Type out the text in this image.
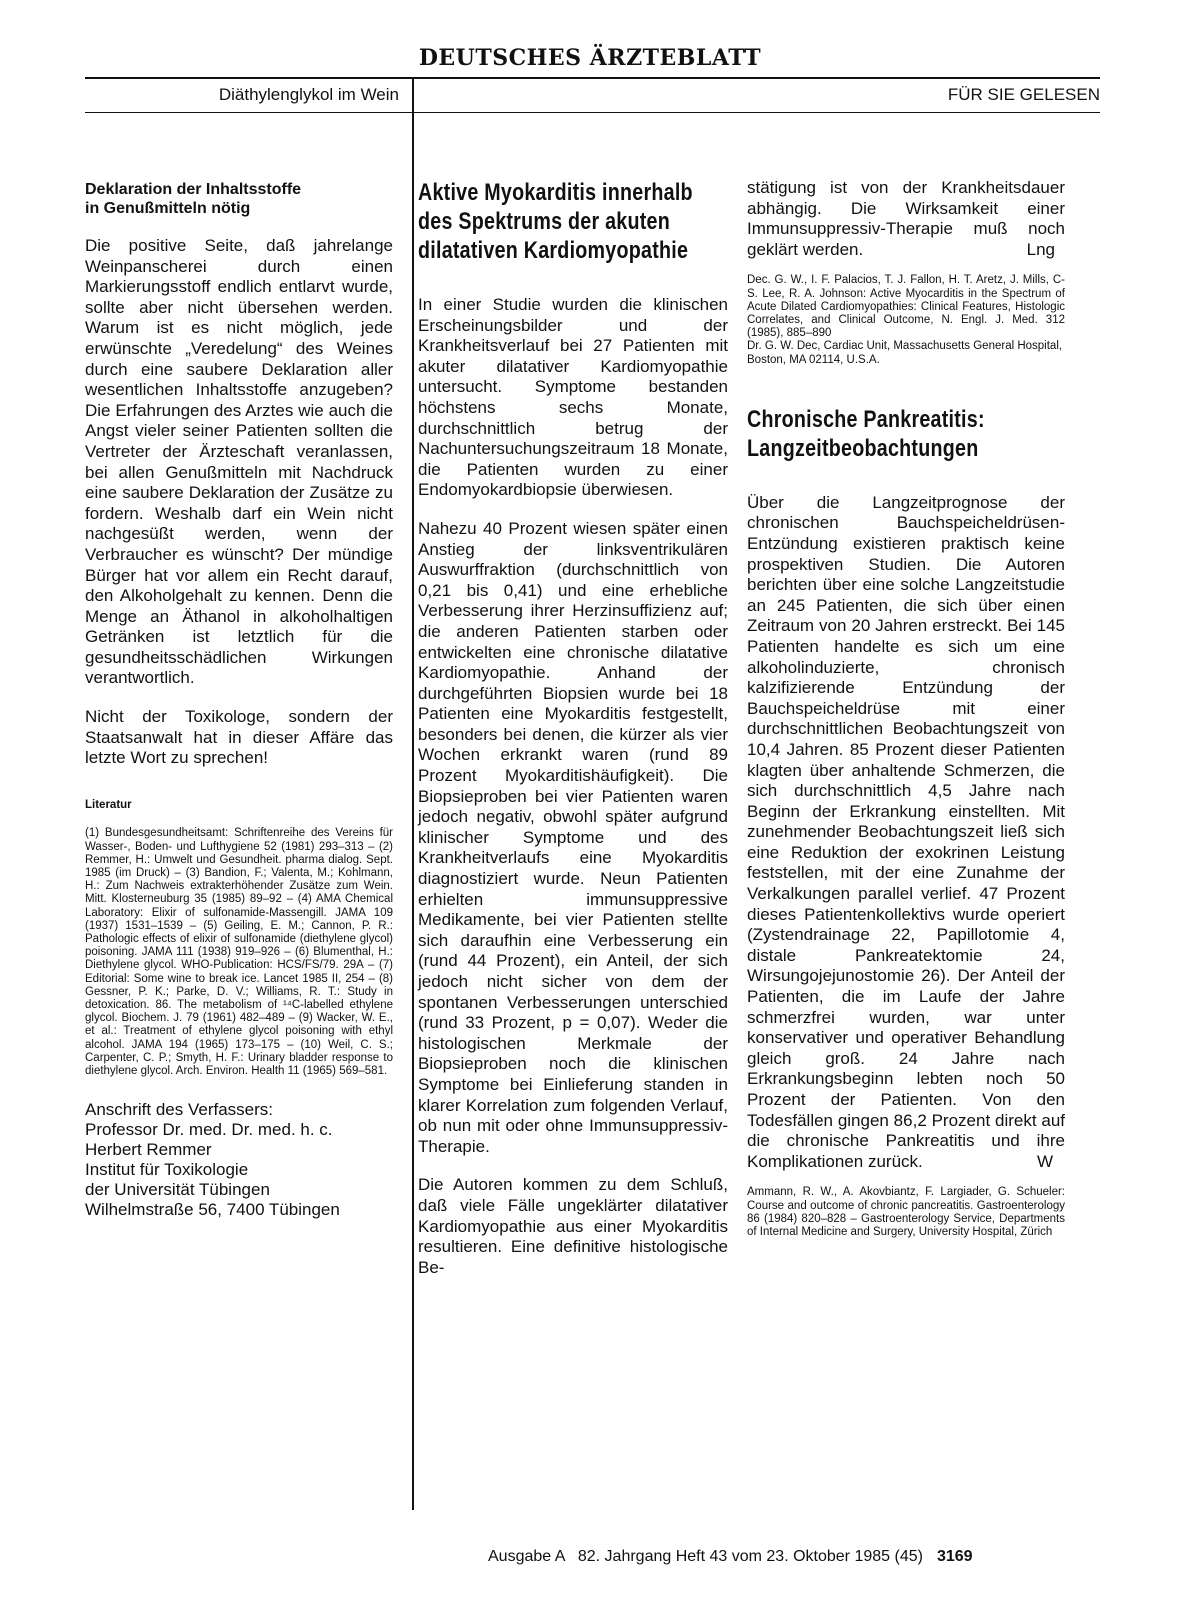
DEUTSCHES ÄRZTEBLATT
Diäthylenglykol im Wein	FÜR SIE GELESEN

Deklaration der Inhaltsstoffe
in Genußmitteln nötig

Die positive Seite, daß jahrelange Weinpanscherei durch einen Markierungsstoff endlich entlarvt wurde, sollte aber nicht übersehen werden. Warum ist es nicht möglich, jede erwünschte „Veredelung“ des Weines durch eine saubere Deklaration aller wesentlichen Inhaltsstoffe anzugeben? Die Erfahrungen des Arztes wie auch die Angst vieler seiner Patienten sollten die Vertreter der Ärzteschaft veranlassen, bei allen Genußmitteln mit Nachdruck eine saubere Deklaration der Zusätze zu fordern. Weshalb darf ein Wein nicht nachgesüßt werden, wenn der Verbraucher es wünscht? Der mündige Bürger hat vor allem ein Recht darauf, den Alkoholgehalt zu kennen. Denn die Menge an Äthanol in alkoholhaltigen Getränken ist letztlich für die gesundheitsschädlichen Wirkungen verantwortlich.

Nicht der Toxikologe, sondern der Staatsanwalt hat in dieser Affäre das letzte Wort zu sprechen!

Literatur

(1) Bundesgesundheitsamt: Schriftenreihe des Vereins für Wasser-, Boden- und Lufthygiene 52 (1981) 293–313 – (2) Remmer, H.: Umwelt und Gesundheit. pharma dialog. Sept. 1985 (im Druck) – (3) Bandion, F.; Valenta, M.; Kohlmann, H.: Zum Nachweis extrakterhöhender Zusätze zum Wein. Mitt. Klosterneuburg 35 (1985) 89–92 – (4) AMA Chemical Laboratory: Elixir of sulfonamide-Massengill. JAMA 109 (1937) 1531–1539 – (5) Geiling, E. M.; Cannon, P. R.: Pathologic effects of elixir of sulfonamide (diethylene glycol) poisoning. JAMA 111 (1938) 919–926 – (6) Blumenthal, H.: Diethylene glycol. WHO-Publication: HCS/FS/79. 29A – (7) Editorial: Some wine to break ice. Lancet 1985 II, 254 – (8) Gessner, P. K.; Parke, D. V.; Williams, R. T.: Study in detoxication. 86. The metabolism of ¹⁴C-labelled ethylene glycol. Biochem. J. 79 (1961) 482–489 – (9) Wacker, W. E., et al.: Treatment of ethylene glycol poisoning with ethyl alcohol. JAMA 194 (1965) 173–175 – (10) Weil, C. S.; Carpenter, C. P.; Smyth, H. F.: Urinary bladder response to diethylene glycol. Arch. Environ. Health 11 (1965) 569–581.

Anschrift des Verfassers:
Professor Dr. med. Dr. med. h. c.
Herbert Remmer
Institut für Toxikologie
der Universität Tübingen
Wilhelmstraße 56, 7400 Tübingen

Aktive Myokarditis innerhalb des Spektrums der akuten dilatativen Kardiomyopathie

In einer Studie wurden die klinischen Erscheinungsbilder und der Krankheitsverlauf bei 27 Patienten mit akuter dilatativer Kardiomyopathie untersucht. Symptome bestanden höchstens sechs Monate, durchschnittlich betrug der Nachuntersuchungszeitraum 18 Monate, die Patienten wurden zu einer Endomyokardbiopsie überwiesen.

Nahezu 40 Prozent wiesen später einen Anstieg der linksventrikulären Auswurffraktion (durchschnittlich von 0,21 bis 0,41) und eine erhebliche Verbesserung ihrer Herzinsuffizienz auf; die anderen Patienten starben oder entwickelten eine chronische dilatative Kardiomyopathie. Anhand der durchgeführten Biopsien wurde bei 18 Patienten eine Myokarditis festgestellt, besonders bei denen, die kürzer als vier Wochen erkrankt waren (rund 89 Prozent Myokarditishäufigkeit). Die Biopsieproben bei vier Patienten waren jedoch negativ, obwohl später aufgrund klinischer Symptome und des Krankheitverlaufs eine Myokarditis diagnostiziert wurde. Neun Patienten erhielten immunsuppressive Medikamente, bei vier Patienten stellte sich daraufhin eine Verbesserung ein (rund 44 Prozent), ein Anteil, der sich jedoch nicht sicher von dem der spontanen Verbesserungen unterschied (rund 33 Prozent, p = 0,07). Weder die histologischen Merkmale der Biopsieproben noch die klinischen Symptome bei Einlieferung standen in klarer Korrelation zum folgenden Verlauf, ob nun mit oder ohne Immunsuppressiv-Therapie.

Die Autoren kommen zu dem Schluß, daß viele Fälle ungeklärter dilatativer Kardiomyopathie aus einer Myokarditis resultieren. Eine definitive histologische Be-

stätigung ist von der Krankheitsdauer abhängig. Die Wirksamkeit einer Immunsuppressiv-Therapie muß noch geklärt werden.	Lng

Dec. G. W., I. F. Palacios, T. J. Fallon, H. T. Aretz, J. Mills, C-S. Lee, R. A. Johnson: Active Myocarditis in the Spectrum of Acute Dilated Cardiomyopathies: Clinical Features, Histologic Correlates, and Clinical Outcome, N. Engl. J. Med. 312 (1985), 885–890

Dr. G. W. Dec, Cardiac Unit, Massachusetts General Hospital, Boston, MA 02114, U.S.A.

Chronische Pankreatitis: Langzeitbeobachtungen

Über die Langzeitprognose der chronischen Bauchspeicheldrüsen-Entzündung existieren praktisch keine prospektiven Studien. Die Autoren berichten über eine solche Langzeitstudie an 245 Patienten, die sich über einen Zeitraum von 20 Jahren erstreckt. Bei 145 Patienten handelte es sich um eine alkoholinduzierte, chronisch kalzifizierende Entzündung der Bauchspeicheldrüse mit einer durchschnittlichen Beobachtungszeit von 10,4 Jahren. 85 Prozent dieser Patienten klagten über anhaltende Schmerzen, die sich durchschnittlich 4,5 Jahre nach Beginn der Erkrankung einstellten. Mit zunehmender Beobachtungszeit ließ sich eine Reduktion der exokrinen Leistung feststellen, mit der eine Zunahme der Verkalkungen parallel verlief. 47 Prozent dieses Patientenkollektivs wurde operiert (Zystendrainage 22, Papillotomie 4, distale Pankreatektomie 24, Wirsungojejunostomie 26). Der Anteil der Patienten, die im Laufe der Jahre schmerzfrei wurden, war unter konservativer und operativer Behandlung gleich groß. 24 Jahre nach Erkrankungsbeginn lebten noch 50 Prozent der Patienten. Von den Todesfällen gingen 86,2 Prozent direkt auf die chronische Pankreatitis und ihre Komplikationen zurück.	W

Ammann, R. W., A. Akovbiantz, F. Largiader, G. Schueler: Course and outcome of chronic pancreatitis. Gastroenterology 86 (1984) 820–828 – Gastroenterology Service, Departments of Internal Medicine and Surgery, University Hospital, Zürich

Ausgabe A   82. Jahrgang Heft 43 vom 23. Oktober 1985 (45) 3169
